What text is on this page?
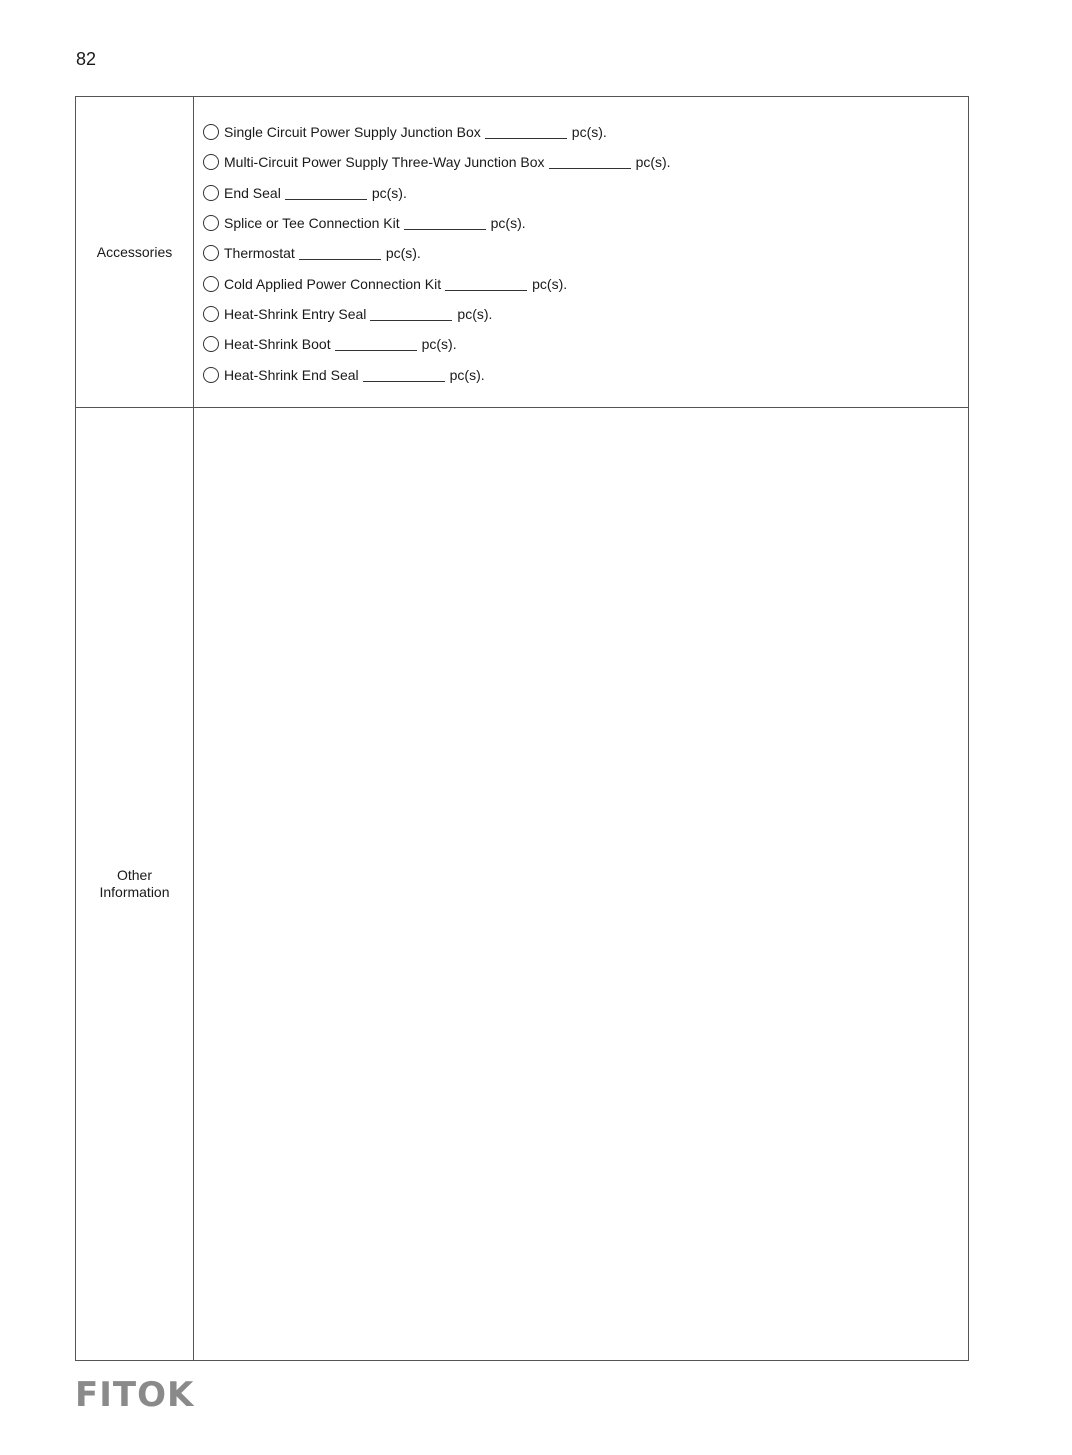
82
Accessories
Single Circuit Power Supply Junction Box	pc(s).
Multi-Circuit Power Supply Three-Way Junction Box	pc(s).
End Seal	pc(s).
Splice or Tee Connection Kit	pc(s).
Thermostat	pc(s).
Cold Applied Power Connection Kit	pc(s).
Heat-Shrink Entry Seal	pc(s).
Heat-Shrink Boot	pc(s).
Heat-Shrink End Seal	pc(s).
Other
Information
FITOK
